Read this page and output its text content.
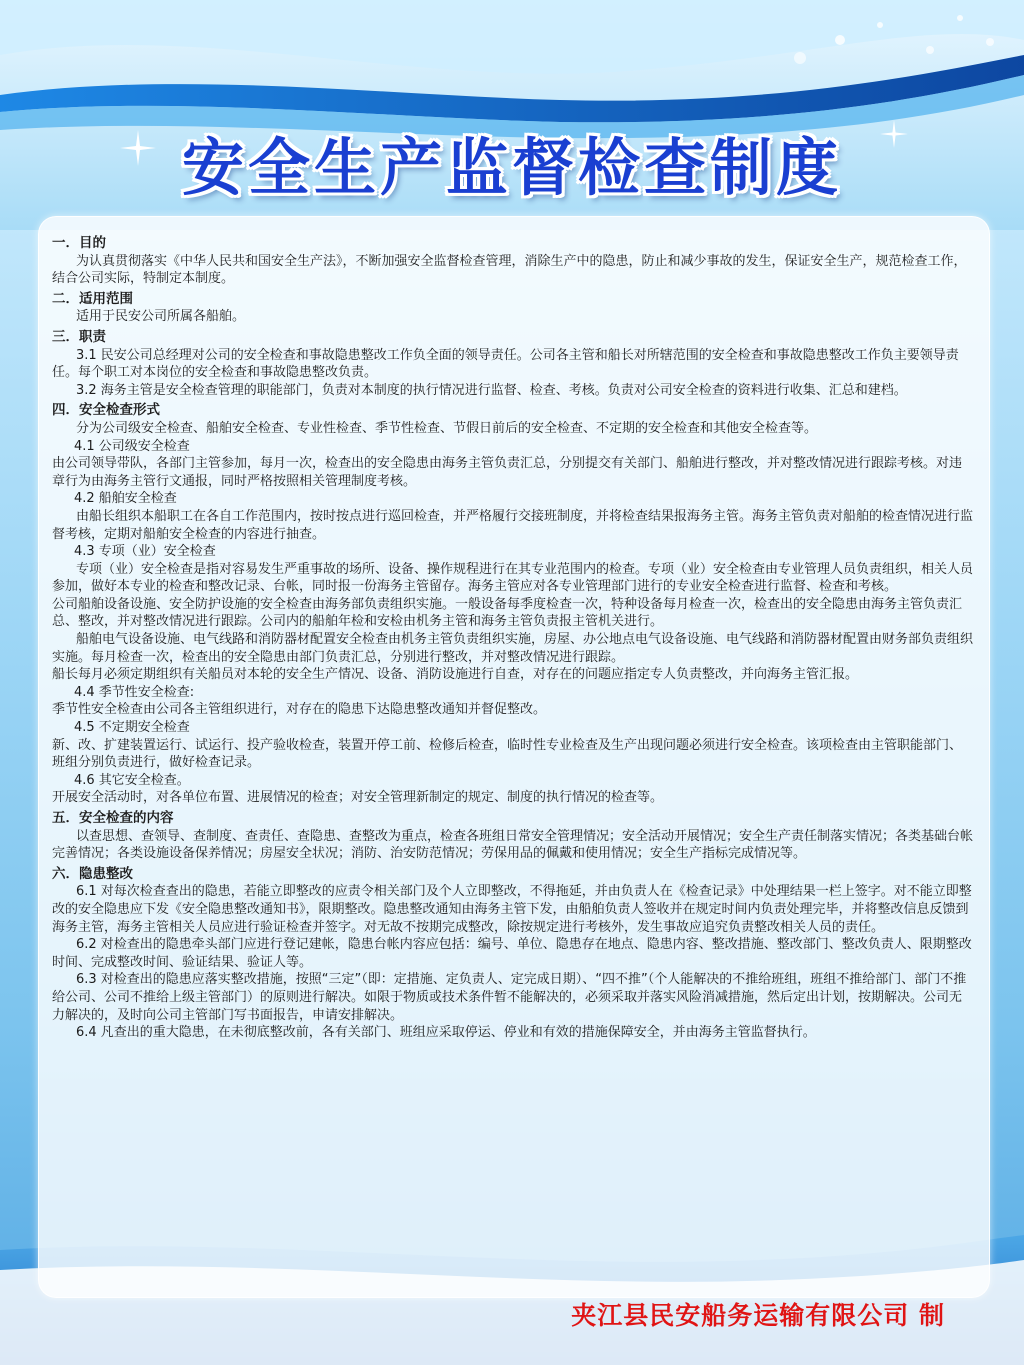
安全生产监督检查制度

一．目的

为认真贯彻落实《中华人民共和国安全生产法》，不断加强安全监督检查管理，消除生产中的隐患，防止和减少事故的发生，保证安全生产，规范检查工作，结合公司实际，特制定本制度。

二．适用范围

适用于民安公司所属各船舶。

三．职责

3.1 民安公司总经理对公司的安全检查和事故隐患整改工作负全面的领导责任。公司各主管和船长对所辖范围的安全检查和事故隐患整改工作负主要领导责任。每个职工对本岗位的安全检查和事故隐患整改负责。

3.2 海务主管是安全检查管理的职能部门，负责对本制度的执行情况进行监督、检查、考核。负责对公司安全检查的资料进行收集、汇总和建档。

四．安全检查形式

分为公司级安全检查、船舶安全检查、专业性检查、季节性检查、节假日前后的安全检查、不定期的安全检查和其他安全检查等。

4.1 公司级安全检查

由公司领导带队，各部门主管参加，每月一次，检查出的安全隐患由海务主管负责汇总，分别提交有关部门、船舶进行整改，并对整改情况进行跟踪考核。对违章行为由海务主管行文通报，同时严格按照相关管理制度考核。

4.2 船舶安全检查

由船长组织本船职工在各自工作范围内，按时按点进行巡回检查，并严格履行交接班制度，并将检查结果报海务主管。海务主管负责对船舶的检查情况进行监督考核，定期对船舶安全检查的内容进行抽查。

4.3 专项（业）安全检查

专项（业）安全检查是指对容易发生严重事故的场所、设备、操作规程进行在其专业范围内的检查。专项（业）安全检查由专业管理人员负责组织，相关人员参加，做好本专业的检查和整改记录、台帐，同时报一份海务主管留存。海务主管应对各专业管理部门进行的专业安全检查进行监督、检查和考核。

公司船舶设备设施、安全防护设施的安全检查由海务部负责组织实施。一般设备每季度检查一次，特种设备每月检查一次，检查出的安全隐患由海务主管负责汇总、整改，并对整改情况进行跟踪。公司内的船舶年检和安检由机务主管和海务主管负责报主管机关进行。

船舶电气设备设施、电气线路和消防器材配置安全检查由机务主管负责组织实施，房屋、办公地点电气设备设施、电气线路和消防器材配置由财务部负责组织实施。每月检查一次，检查出的安全隐患由部门负责汇总，分别进行整改，并对整改情况进行跟踪。

船长每月必须定期组织有关船员对本轮的安全生产情况、设备、消防设施进行自查，对存在的问题应指定专人负责整改，并向海务主管汇报。

4.4 季节性安全检查:

季节性安全检查由公司各主管组织进行，对存在的隐患下达隐患整改通知并督促整改。

4.5 不定期安全检查

新、改、扩建装置运行、试运行、投产验收检查，装置开停工前、检修后检查，临时性专业检查及生产出现问题必须进行安全检查。该项检查由主管职能部门、班组分别负责进行，做好检查记录。

4.6 其它安全检查。

开展安全活动时，对各单位布置、进展情况的检查；对安全管理新制定的规定、制度的执行情况的检查等。

五．安全检查的内容

以查思想、查领导、查制度、查责任、查隐患、查整改为重点，检查各班组日常安全管理情况；安全活动开展情况；安全生产责任制落实情况；各类基础台帐完善情况；各类设施设备保养情况；房屋安全状况；消防、治安防范情况；劳保用品的佩戴和使用情况；安全生产指标完成情况等。

六．隐患整改

6.1 对每次检查查出的隐患，若能立即整改的应责令相关部门及个人立即整改，不得拖延，并由负责人在《检查记录》中处理结果一栏上签字。对不能立即整改的安全隐患应下发《安全隐患整改通知书》，限期整改。隐患整改通知由海务主管下发，由船舶负责人签收并在规定时间内负责处理完毕，并将整改信息反馈到海务主管，海务主管相关人员应进行验证检查并签字。对无故不按期完成整改，除按规定进行考核外，发生事故应追究负责整改相关人员的责任。

6.2 对检查出的隐患牵头部门应进行登记建帐，隐患台帐内容应包括：编号、单位、隐患存在地点、隐患内容、整改措施、整改部门、整改负责人、限期整改时间、完成整改时间、验证结果、验证人等。

6.3 对检查出的隐患应落实整改措施，按照“三定”（即：定措施、定负责人、定完成日期）、“四不推”（个人能解决的不推给班组，班组不推给部门、部门不推给公司、公司不推给上级主管部门）的原则进行解决。如限于物质或技术条件暂不能解决的，必须采取并落实风险消减措施，然后定出计划，按期解决。公司无力解决的，及时向公司主管部门写书面报告，申请安排解决。

6.4 凡查出的重大隐患，在未彻底整改前，各有关部门、班组应采取停运、停业和有效的措施保障安全，并由海务主管监督执行。

夹江县民安船务运输有限公司 制
